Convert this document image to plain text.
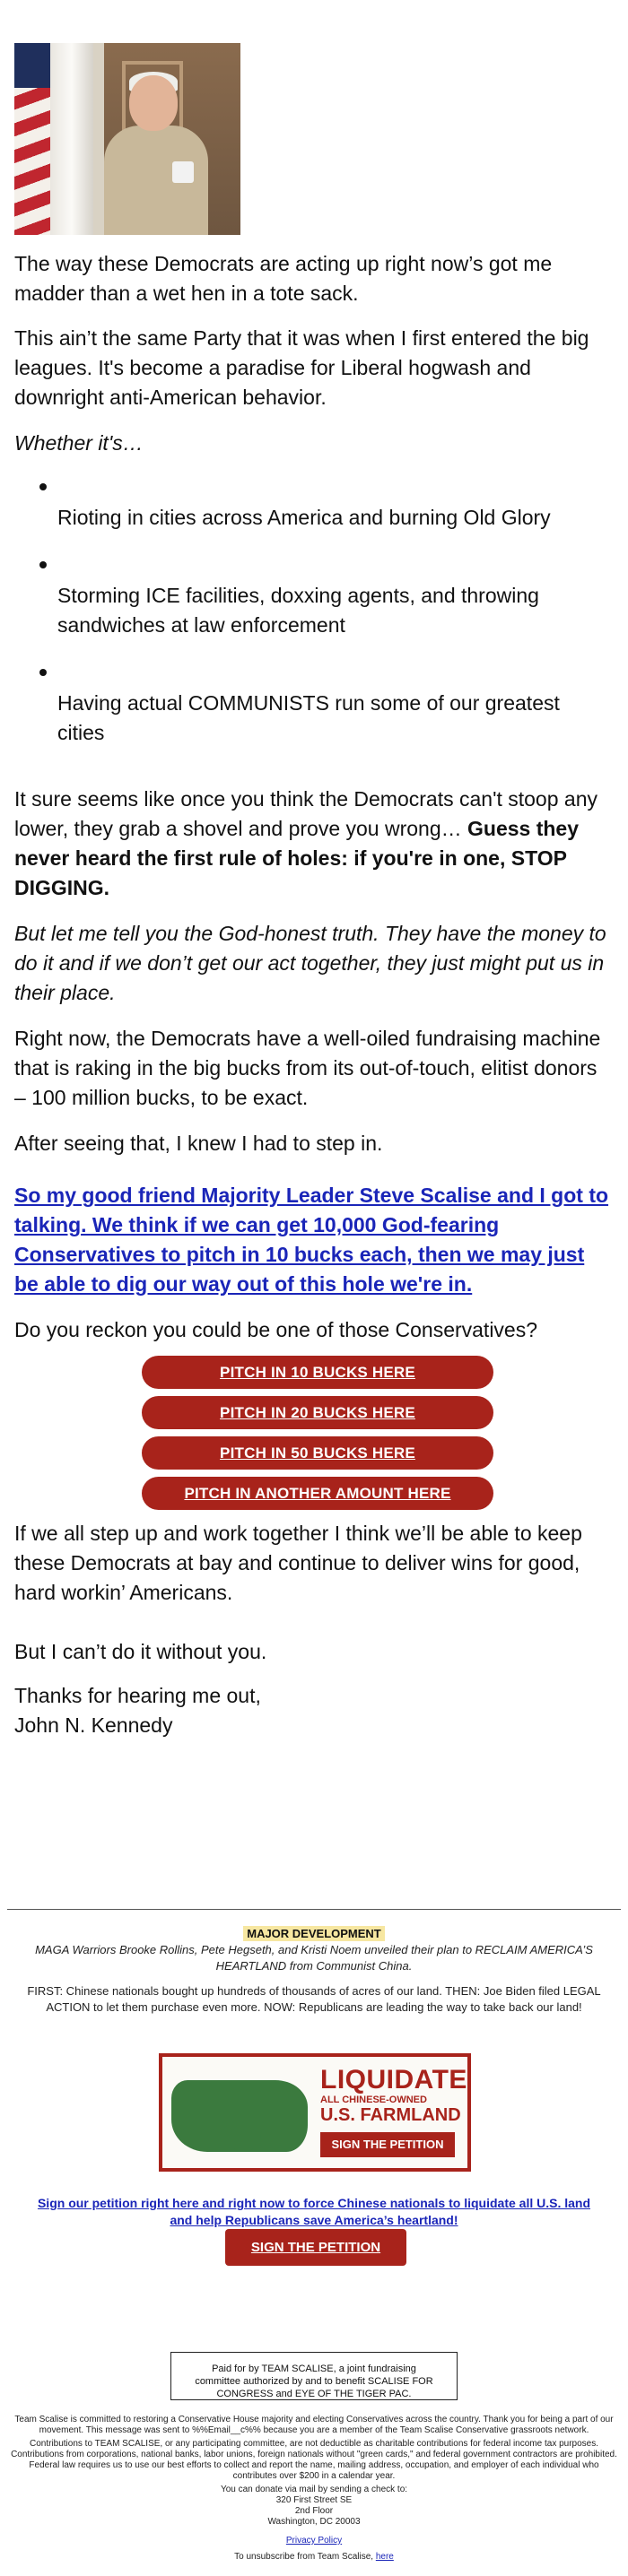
The way these Democrats are acting up right now’s got me madder than a wet hen in a tote sack.

This ain’t the same Party that it was when I first entered the big leagues. It's become a paradise for Liberal hogwash and downright anti-American behavior.

Whether it's…

Rioting in cities across America and burning Old Glory
Storming ICE facilities, doxxing agents, and throwing sandwiches at law enforcement
Having actual COMMUNISTS run some of our greatest cities

It sure seems like once you think the Democrats can't stoop any lower, they grab a shovel and prove you wrong… Guess they never heard the first rule of holes: if you're in one, STOP DIGGING.

But let me tell you the God-honest truth. They have the money to do it and if we don’t get our act together, they just might put us in their place.

Right now, the Democrats have a well-oiled fundraising machine that is raking in the big bucks from its out-of-touch, elitist donors – 100 million bucks, to be exact.

After seeing that, I knew I had to step in.

So my good friend Majority Leader Steve Scalise and I got to talking. We think if we can get 10,000 God-fearing Conservatives to pitch in 10 bucks each, then we may just be able to dig our way out of this hole we're in.

Do you reckon you could be one of those Conservatives?

PITCH IN 10 BUCKS HERE
PITCH IN 20 BUCKS HERE
PITCH IN 50 BUCKS HERE
PITCH IN ANOTHER AMOUNT HERE

If we all step up and work together I think we’ll be able to keep these Democrats at bay and continue to deliver wins for good, hard workin’ Americans.

But I can’t do it without you.

Thanks for hearing me out,

John N. Kennedy

MAJOR DEVELOPMENT
MAGA Warriors Brooke Rollins, Pete Hegseth, and Kristi Noem unveiled their plan to RECLAIM AMERICA’S HEARTLAND from Communist China.
FIRST: Chinese nationals bought up hundreds of thousands of acres of our land. THEN: Joe Biden filed LEGAL ACTION to let them purchase even more. NOW: Republicans are leading the way to take back our land!
LIQUIDATE
ALL CHINESE-OWNED
U.S. FARMLAND
SIGN THE PETITION
Sign our petition right here and right now to force Chinese nationals to liquidate all U.S. land and help Republicans save America’s heartland!
SIGN THE PETITION
Paid for by TEAM SCALISE, a joint fundraising committee authorized by and to benefit SCALISE FOR CONGRESS and EYE OF THE TIGER PAC.
Team Scalise is committed to restoring a Conservative House majority and electing Conservatives across the country. Thank you for being a part of our movement. This message was sent to %%Email__c%% because you are a member of the Team Scalise Conservative grassroots network.
Contributions to TEAM SCALISE, or any participating committee, are not deductible as charitable contributions for federal income tax purposes. Contributions from corporations, national banks, labor unions, foreign nationals without "green cards," and federal government contractors are prohibited. Federal law requires us to use our best efforts to collect and report the name, mailing address, occupation, and employer of each individual who contributes over $200 in a calendar year.
You can donate via mail by sending a check to:
320 First Street SE
2nd Floor
Washington, DC 20003
Privacy Policy
To unsubscribe from Team Scalise, here
